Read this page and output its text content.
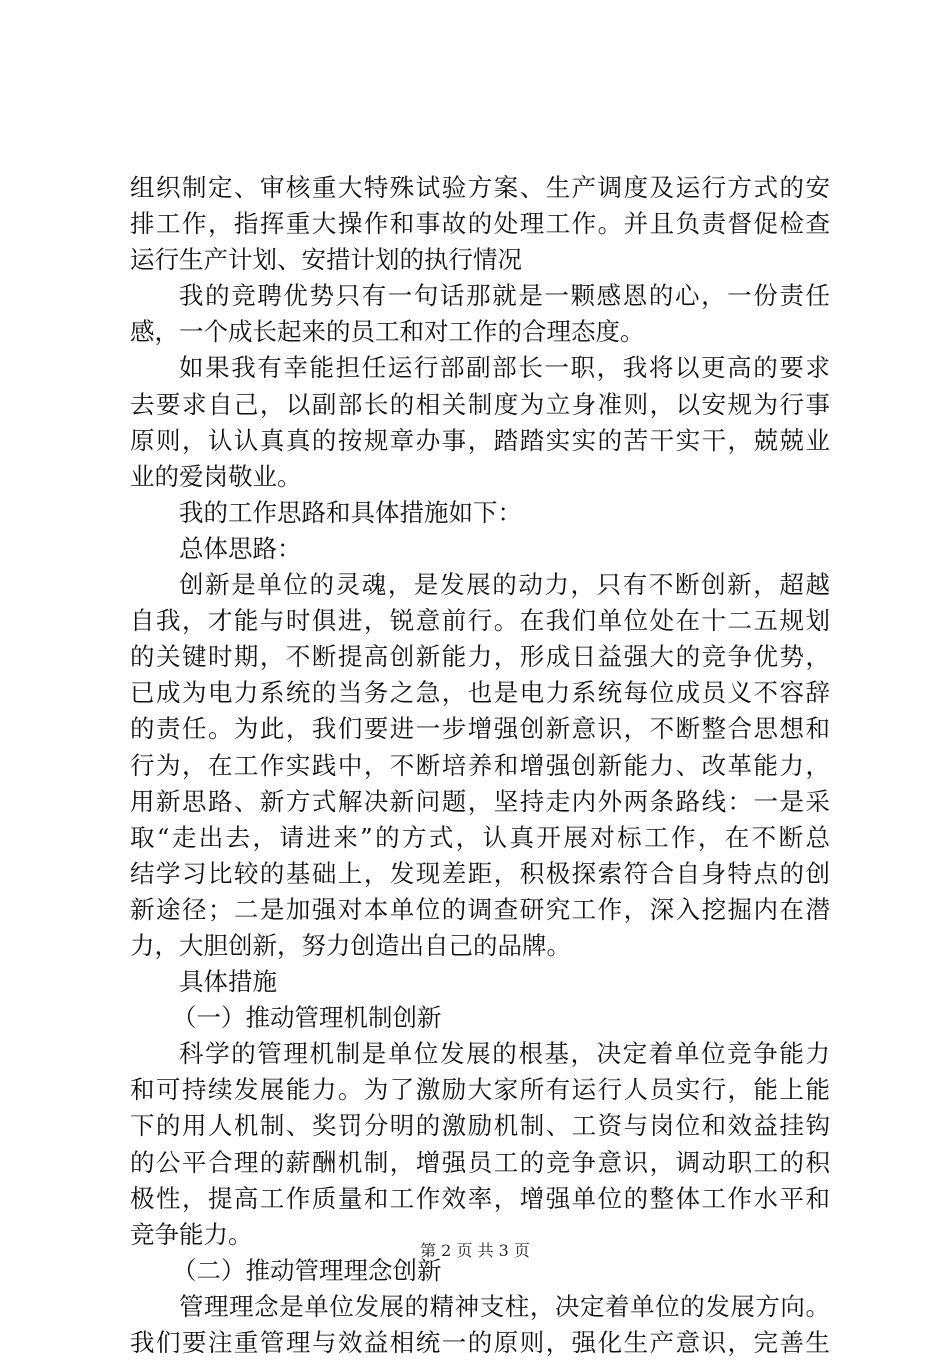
组织制定、审核重大特殊试验方案、生产调度及运行方式的安
排工作，指挥重大操作和事故的处理工作。并且负责督促检查
运行生产计划、安措计划的执行情况
我的竞聘优势只有一句话那就是一颗感恩的心，一份责任
感，一个成长起来的员工和对工作的合理态度。
如果我有幸能担任运行部副部长一职，我将以更高的要求
去要求自己，以副部长的相关制度为立身准则，以安规为行事
原则，认认真真的按规章办事，踏踏实实的苦干实干，兢兢业
业的爱岗敬业。
我的工作思路和具体措施如下：
总体思路：
创新是单位的灵魂，是发展的动力，只有不断创新，超越
自我，才能与时俱进，锐意前行。在我们单位处在十二五规划
的关键时期，不断提高创新能力，形成日益强大的竞争优势，
已成为电力系统的当务之急，也是电力系统每位成员义不容辞
的责任。为此，我们要进一步增强创新意识，不断整合思想和
行为，在工作实践中，不断培养和增强创新能力、改革能力，
用新思路、新方式解决新问题，坚持走内外两条路线：一是采
取“走出去，请进来”的方式，认真开展对标工作，在不断总
结学习比较的基础上，发现差距，积极探索符合自身特点的创
新途径；二是加强对本单位的调查研究工作，深入挖掘内在潜
力，大胆创新，努力创造出自己的品牌。
具体措施
（一）推动管理机制创新
科学的管理机制是单位发展的根基，决定着单位竞争能力
和可持续发展能力。为了激励大家所有运行人员实行，能上能
下的用人机制、奖罚分明的激励机制、工资与岗位和效益挂钩
的公平合理的薪酬机制，增强员工的竞争意识，调动职工的积
极性，提高工作质量和工作效率，增强单位的整体工作水平和
竞争能力。
（二）推动管理理念创新
管理理念是单位发展的精神支柱，决定着单位的发展方向。
我们要注重管理与效益相统一的原则，强化生产意识，完善生
第 2 页 共 3 页
